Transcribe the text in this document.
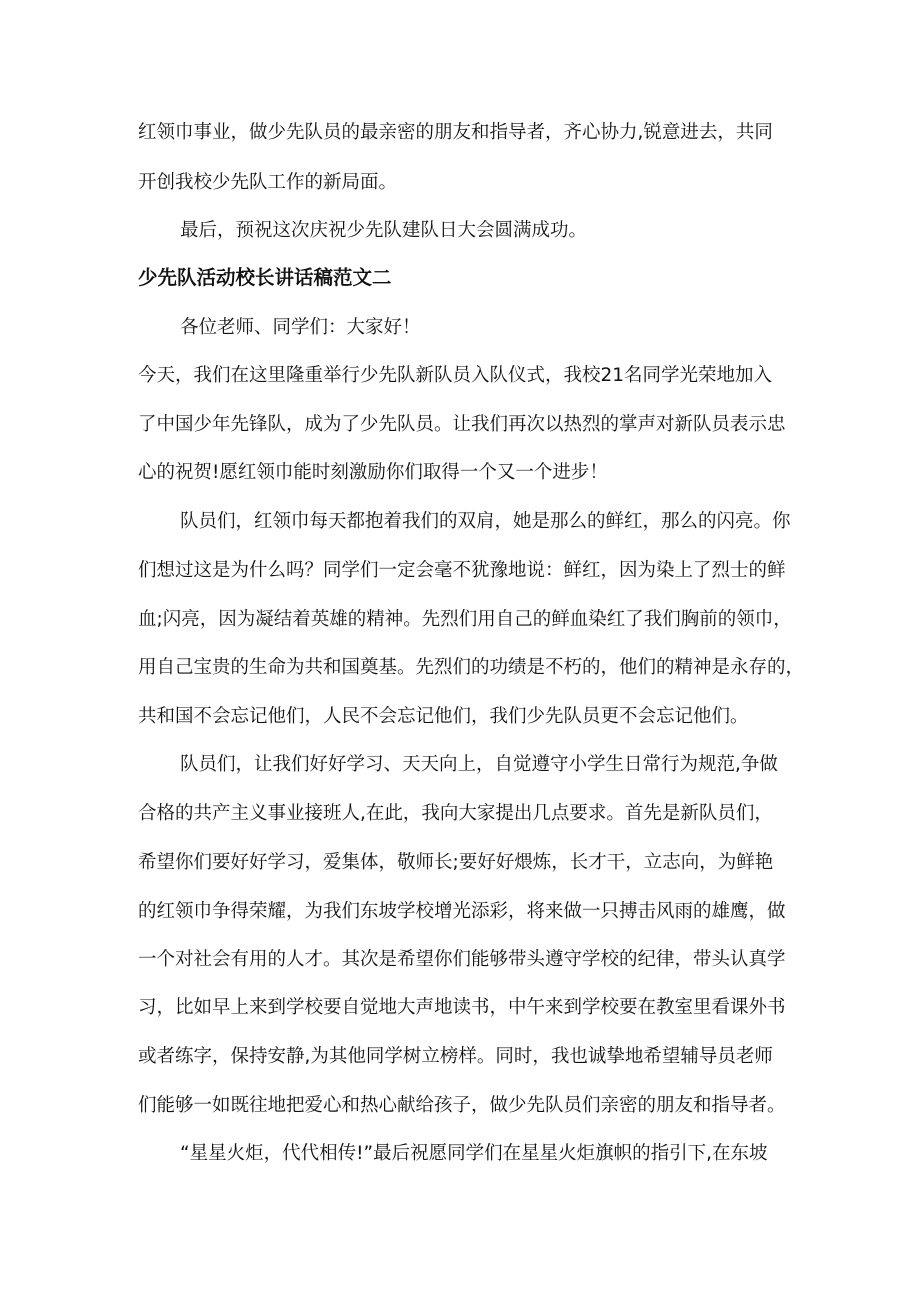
红领巾事业，做少先队员的最亲密的朋友和指导者，齐心协力,锐意进去，共同
开创我校少先队工作的新局面。
最后，预祝这次庆祝少先队建队日大会圆满成功。
少先队活动校长讲话稿范文二
各位老师、同学们：大家好！
今天，我们在这里隆重举行少先队新队员入队仪式，我校21名同学光荣地加入
了中国少年先锋队，成为了少先队员。让我们再次以热烈的掌声对新队员表示忠
心的祝贺!愿红领巾能时刻激励你们取得一个又一个进步！
队员们，红领巾每天都抱着我们的双肩，她是那么的鲜红，那么的闪亮。你
们想过这是为什么吗？同学们一定会毫不犹豫地说：鲜红，因为染上了烈士的鲜
血;闪亮，因为凝结着英雄的精神。先烈们用自己的鲜血染红了我们胸前的领巾，
用自己宝贵的生命为共和国奠基。先烈们的功绩是不朽的，他们的精神是永存的，
共和国不会忘记他们，人民不会忘记他们，我们少先队员更不会忘记他们。
队员们，让我们好好学习、天天向上，自觉遵守小学生日常行为规范,争做
合格的共产主义事业接班人,在此，我向大家提出几点要求。首先是新队员们，
希望你们要好好学习，爱集体，敬师长;要好好煨炼，长才干，立志向，为鲜艳
的红领巾争得荣耀，为我们东坡学校增光添彩，将来做一只搏击风雨的雄鹰，做
一个对社会有用的人才。其次是希望你们能够带头遵守学校的纪律，带头认真学
习，比如早上来到学校要自觉地大声地读书，中午来到学校要在教室里看课外书
或者练字，保持安静,为其他同学树立榜样。同时，我也诚挚地希望辅导员老师
们能够一如既往地把爱心和热心献给孩子，做少先队员们亲密的朋友和指导者。
“星星火炬，代代相传!”最后祝愿同学们在星星火炬旗帜的指引下,在东坡
